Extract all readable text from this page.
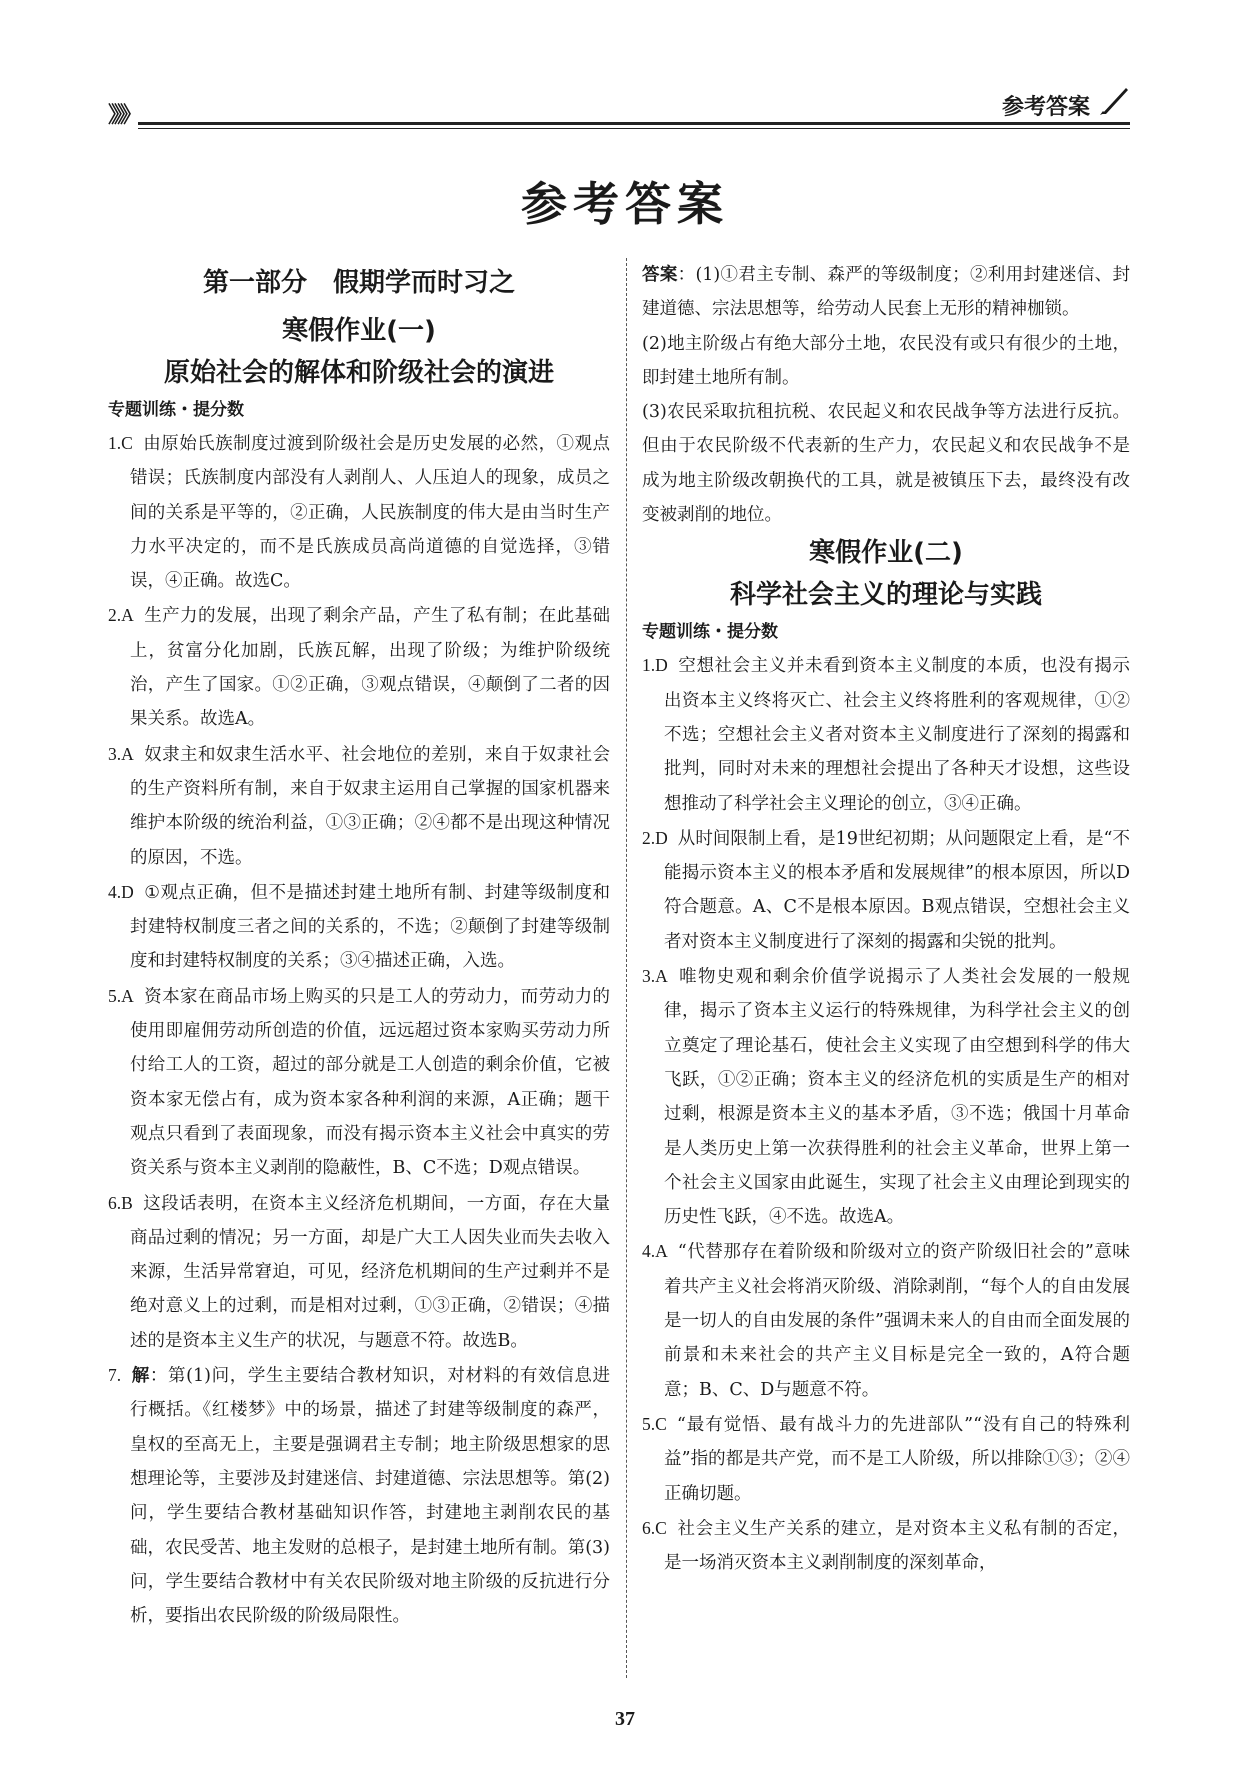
》》》	参考答案
参考答案
第一部分　假期学而时习之
寒假作业(一)
原始社会的解体和阶级社会的演进
专题训练・提分数
1.C 由原始氏族制度过渡到阶级社会是历史发展的必然，①观点错误；氏族制度内部没有人剥削人、人压迫人的现象，成员之间的关系是平等的，②正确，人民族制度的伟大是由当时生产力水平决定的，而不是氏族成员高尚道德的自觉选择，③错误，④正确。故选C。
2.A 生产力的发展，出现了剩余产品，产生了私有制；在此基础上，贫富分化加剧，氏族瓦解，出现了阶级；为维护阶级统治，产生了国家。①②正确，③观点错误，④颠倒了二者的因果关系。故选A。
3.A 奴隶主和奴隶生活水平、社会地位的差别，来自于奴隶社会的生产资料所有制，来自于奴隶主运用自己掌握的国家机器来维护本阶级的统治利益，①③正确；②④都不是出现这种情况的原因，不选。
4.D ①观点正确，但不是描述封建土地所有制、封建等级制度和封建特权制度三者之间的关系的，不选；②颠倒了封建等级制度和封建特权制度的关系；③④描述正确，入选。
5.A 资本家在商品市场上购买的只是工人的劳动力，而劳动力的使用即雇佣劳动所创造的价值，远远超过资本家购买劳动力所付给工人的工资，超过的部分就是工人创造的剩余价值，它被资本家无偿占有，成为资本家各种利润的来源，A正确；题干观点只看到了表面现象，而没有揭示资本主义社会中真实的劳资关系与资本主义剥削的隐蔽性，B、C不选；D观点错误。
6.B 这段话表明，在资本主义经济危机期间，一方面，存在大量商品过剩的情况；另一方面，却是广大工人因失业而失去收入来源，生活异常窘迫，可见，经济危机期间的生产过剩并不是绝对意义上的过剩，而是相对过剩，①③正确，②错误；④描述的是资本主义生产的状况，与题意不符。故选B。
7. 解：第(1)问，学生主要结合教材知识，对材料的有效信息进行概括。《红楼梦》中的场景，描述了封建等级制度的森严，皇权的至高无上，主要是强调君主专制；地主阶级思想家的思想理论等，主要涉及封建迷信、封建道德、宗法思想等。第(2)问，学生要结合教材基础知识作答，封建地主剥削农民的基础，农民受苦、地主发财的总根子，是封建土地所有制。第(3)问，学生要结合教材中有关农民阶级对地主阶级的反抗进行分析，要指出农民阶级的阶级局限性。
答案：(1)①君主专制、森严的等级制度；②利用封建迷信、封建道德、宗法思想等，给劳动人民套上无形的精神枷锁。
(2)地主阶级占有绝大部分土地，农民没有或只有很少的土地，即封建土地所有制。
(3)农民采取抗租抗税、农民起义和农民战争等方法进行反抗。但由于农民阶级不代表新的生产力，农民起义和农民战争不是成为地主阶级改朝换代的工具，就是被镇压下去，最终没有改变被剥削的地位。
寒假作业(二)
科学社会主义的理论与实践
专题训练・提分数
1.D 空想社会主义并未看到资本主义制度的本质，也没有揭示出资本主义终将灭亡、社会主义终将胜利的客观规律，①②不选；空想社会主义者对资本主义制度进行了深刻的揭露和批判，同时对未来的理想社会提出了各种天才设想，这些设想推动了科学社会主义理论的创立，③④正确。
2.D 从时间限制上看，是19世纪初期；从问题限定上看，是“不能揭示资本主义的根本矛盾和发展规律”的根本原因，所以D符合题意。A、C不是根本原因。B观点错误，空想社会主义者对资本主义制度进行了深刻的揭露和尖锐的批判。
3.A 唯物史观和剩余价值学说揭示了人类社会发展的一般规律，揭示了资本主义运行的特殊规律，为科学社会主义的创立奠定了理论基石，使社会主义实现了由空想到科学的伟大飞跃，①②正确；资本主义的经济危机的实质是生产的相对过剩，根源是资本主义的基本矛盾，③不选；俄国十月革命是人类历史上第一次获得胜利的社会主义革命，世界上第一个社会主义国家由此诞生，实现了社会主义由理论到现实的历史性飞跃，④不选。故选A。
4.A “代替那存在着阶级和阶级对立的资产阶级旧社会的”意味着共产主义社会将消灭阶级、消除剥削，“每个人的自由发展是一切人的自由发展的条件”强调未来人的自由而全面发展的前景和未来社会的共产主义目标是完全一致的，A符合题意；B、C、D与题意不符。
5.C “最有觉悟、最有战斗力的先进部队”“没有自己的特殊利益”指的都是共产党，而不是工人阶级，所以排除①③；②④正确切题。
6.C 社会主义生产关系的建立，是对资本主义私有制的否定，是一场消灭资本主义剥削制度的深刻革命，
37
